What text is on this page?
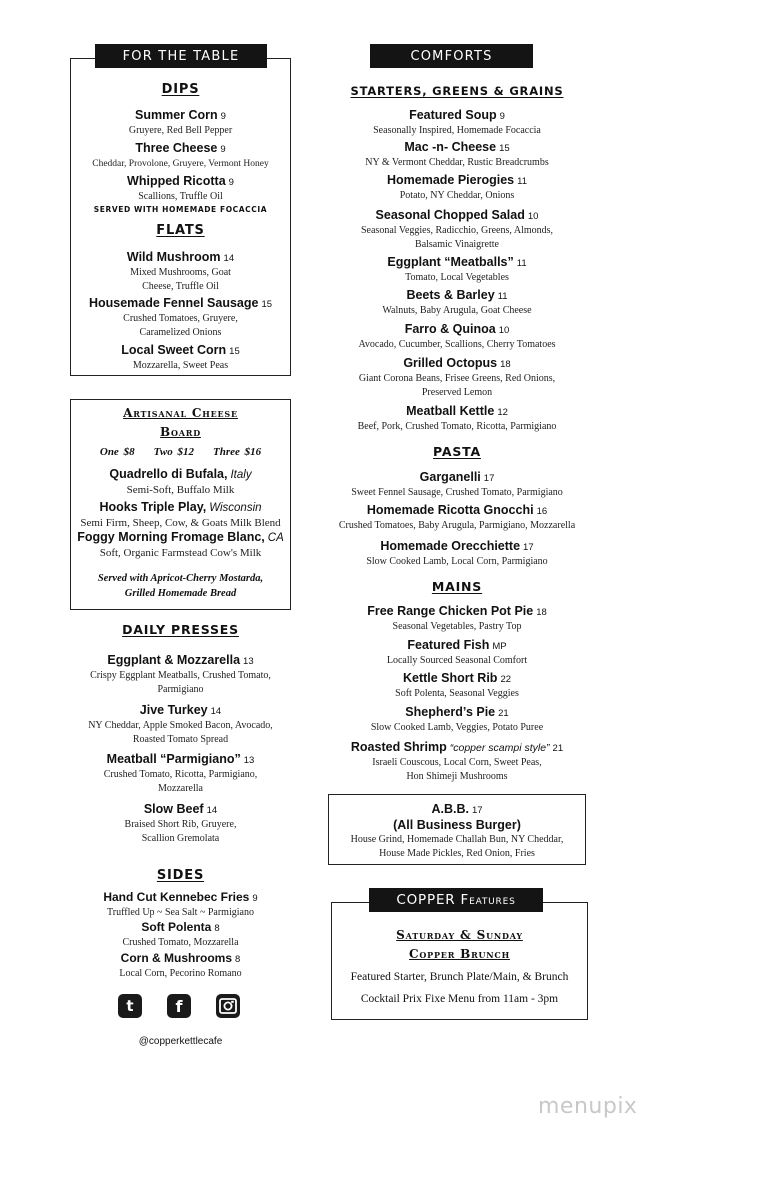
FOR THE TABLE
DIPS
Summer Corn 9
Gruyere, Red Bell Pepper
Three Cheese 9
Cheddar, Provolone, Gruyere, Vermont Honey
Whipped Ricotta 9
Scallions, Truffle Oil
SERVED WITH HOMEMADE FOCACCIA
FLATS
Wild Mushroom 14
Mixed Mushrooms, Goat
Cheese, Truffle Oil
Housemade Fennel Sausage 15
Crushed Tomatoes, Gruyere,
Caramelized Onions
Local Sweet Corn 15
Mozzarella, Sweet Peas
Artisanal Cheese
Board
One $8 Two $12 Three $16
Quadrello di Bufala, Italy
Semi-Soft, Buffalo Milk
Hooks Triple Play, Wisconsin
Semi Firm, Sheep, Cow, & Goats Milk Blend
Foggy Morning Fromage Blanc, CA
Soft, Organic Farmstead Cow's Milk
Served with Apricot-Cherry Mostarda,
Grilled Homemade Bread
DAILY PRESSES
Eggplant & Mozzarella 13
Crispy Eggplant Meatballs, Crushed Tomato,
Parmigiano
Jive Turkey 14
NY Cheddar, Apple Smoked Bacon, Avocado,
Roasted Tomato Spread
Meatball “Parmigiano” 13
Crushed Tomato, Ricotta, Parmigiano,
Mozzarella
Slow Beef 14
Braised Short Rib, Gruyere,
Scallion Gremolata
SIDES
Hand Cut Kennebec Fries 9
Truffled Up ~ Sea Salt ~ Parmigiano
Soft Polenta 8
Crushed Tomato, Mozzarella
Corn & Mushrooms 8
Local Corn, Pecorino Romano
t	f
@copperkettlecafe
COMFORTS
STARTERS, GREENS & GRAINS
Featured Soup 9
Seasonally Inspired, Homemade Focaccia
Mac -n- Cheese 15
NY & Vermont Cheddar, Rustic Breadcrumbs
Homemade Pierogies 11
Potato, NY Cheddar, Onions
Seasonal Chopped Salad 10
Seasonal Veggies, Radicchio, Greens, Almonds,
Balsamic Vinaigrette
Eggplant “Meatballs” 11
Tomato, Local Vegetables
Beets & Barley 11
Walnuts, Baby Arugula, Goat Cheese
Farro & Quinoa 10
Avocado, Cucumber, Scallions, Cherry Tomatoes
Grilled Octopus 18
Giant Corona Beans, Frisee Greens, Red Onions,
Preserved Lemon
Meatball Kettle 12
Beef, Pork, Crushed Tomato, Ricotta, Parmigiano
PASTA
Garganelli 17
Sweet Fennel Sausage, Crushed Tomato, Parmigiano
Homemade Ricotta Gnocchi 16
Crushed Tomatoes, Baby Arugula, Parmigiano, Mozzarella
Homemade Orecchiette 17
Slow Cooked Lamb, Local Corn, Parmigiano
MAINS
Free Range Chicken Pot Pie 18
Seasonal Vegetables, Pastry Top
Featured Fish MP
Locally Sourced Seasonal Comfort
Kettle Short Rib 22
Soft Polenta, Seasonal Veggies
Shepherd’s Pie 21
Slow Cooked Lamb, Veggies, Potato Puree
Roasted Shrimp “copper scampi style” 21
Israeli Couscous, Local Corn, Sweet Peas,
Hon Shimeji Mushrooms
A.B.B. 17
(All Business Burger)
House Grind, Homemade Challah Bun, NY Cheddar,
House Made Pickles, Red Onion, Fries
COPPER Features
Saturday & Sunday
Copper Brunch
Featured Starter, Brunch Plate/Main, & Brunch
Cocktail Prix Fixe Menu from 11am - 3pm
menupix
